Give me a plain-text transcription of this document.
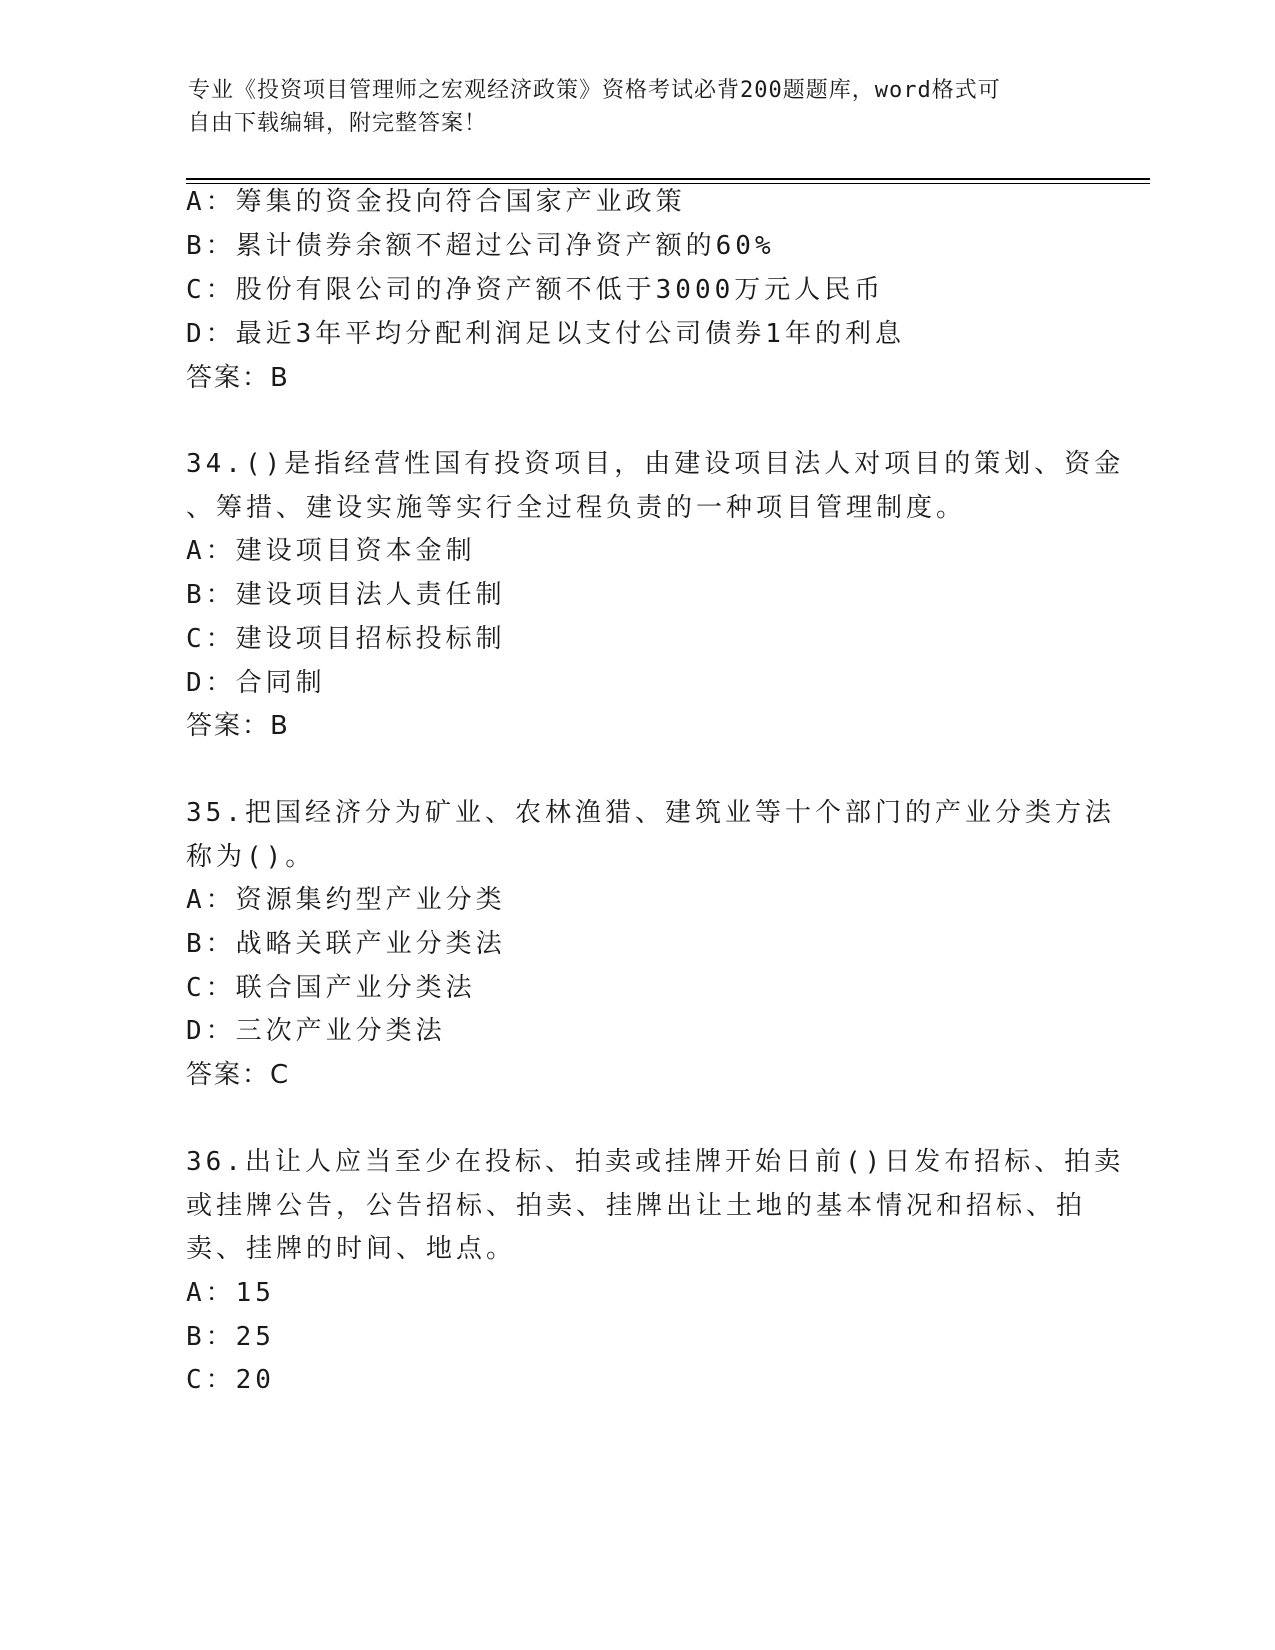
专业《投资项目管理师之宏观经济政策》资格考试必背200题题库，word格式可
自由下载编辑，附完整答案！
A：筹集的资金投向符合国家产业政策
B：累计债券余额不超过公司净资产额的60%
C：股份有限公司的净资产额不低于3000万元人民币
D：最近3年平均分配利润足以支付公司债券1年的利息
答案：B
34.()是指经营性国有投资项目，由建设项目法人对项目的策划、资金
、筹措、建设实施等实行全过程负责的一种项目管理制度。
A：建设项目资本金制
B：建设项目法人责任制
C：建设项目招标投标制
D：合同制
答案：B
35.把国经济分为矿业、农林渔猎、建筑业等十个部门的产业分类方法
称为()。
A：资源集约型产业分类
B：战略关联产业分类法
C：联合国产业分类法
D：三次产业分类法
答案：C
36.出让人应当至少在投标、拍卖或挂牌开始日前()日发布招标、拍卖
或挂牌公告，公告招标、拍卖、挂牌出让土地的基本情况和招标、拍
卖、挂牌的时间、地点。
A：15
B：25
C：20
